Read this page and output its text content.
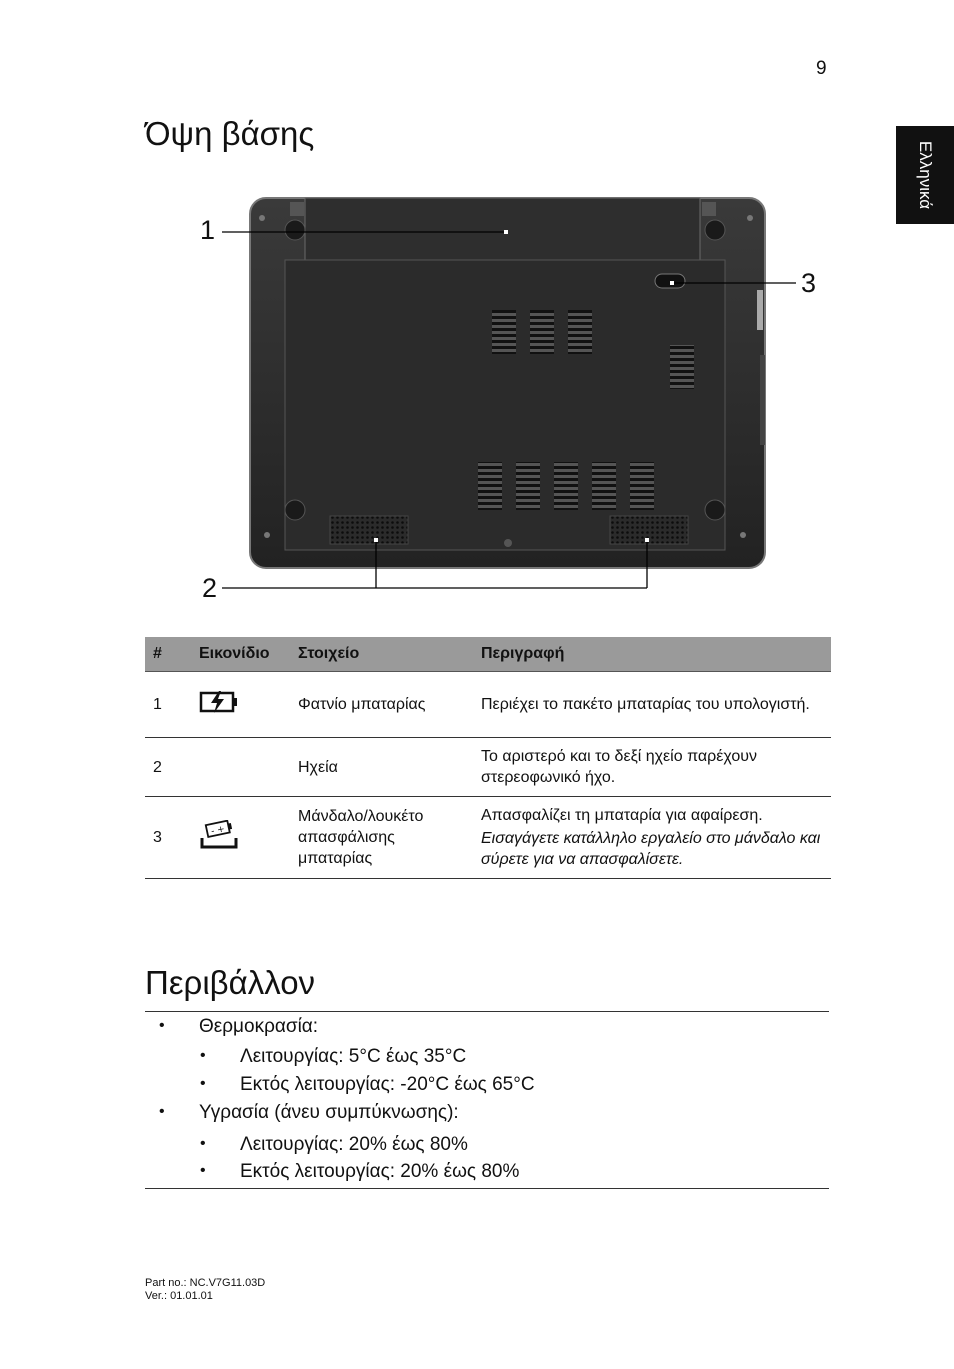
9
Ελληνικά
Όψη βάσης
1
2
3
#	Εικονίδιο	Στοιχείο	Περιγραφή
1		Φατνίο μπαταρίας	Περιέχει το πακέτο μπαταρίας του υπολογιστή.
2		Ηχεία	Το αριστερό και το δεξί ηχείο παρέχουν στερεοφωνικό ήχο.
3	- +	Μάνδαλο/λουκέτο απασφάλισης μπαταρίας	Απασφαλίζει τη μπαταρία για αφαίρεση.
Εισαγάγετε κατάλληλο εργαλείο στο μάνδαλο και σύρετε για να απασφαλίσετε.
Περιβάλλον
• Θερμοκρασία:
• Λειτουργίας: 5°C έως 35°C
• Εκτός λειτουργίας: -20°C έως 65°C
• Υγρασία (άνευ συμπύκνωσης):
• Λειτουργίας: 20% έως 80%
• Εκτός λειτουργίας: 20% έως 80%
Part no.: NC.V7G11.03D
Ver.: 01.01.01
